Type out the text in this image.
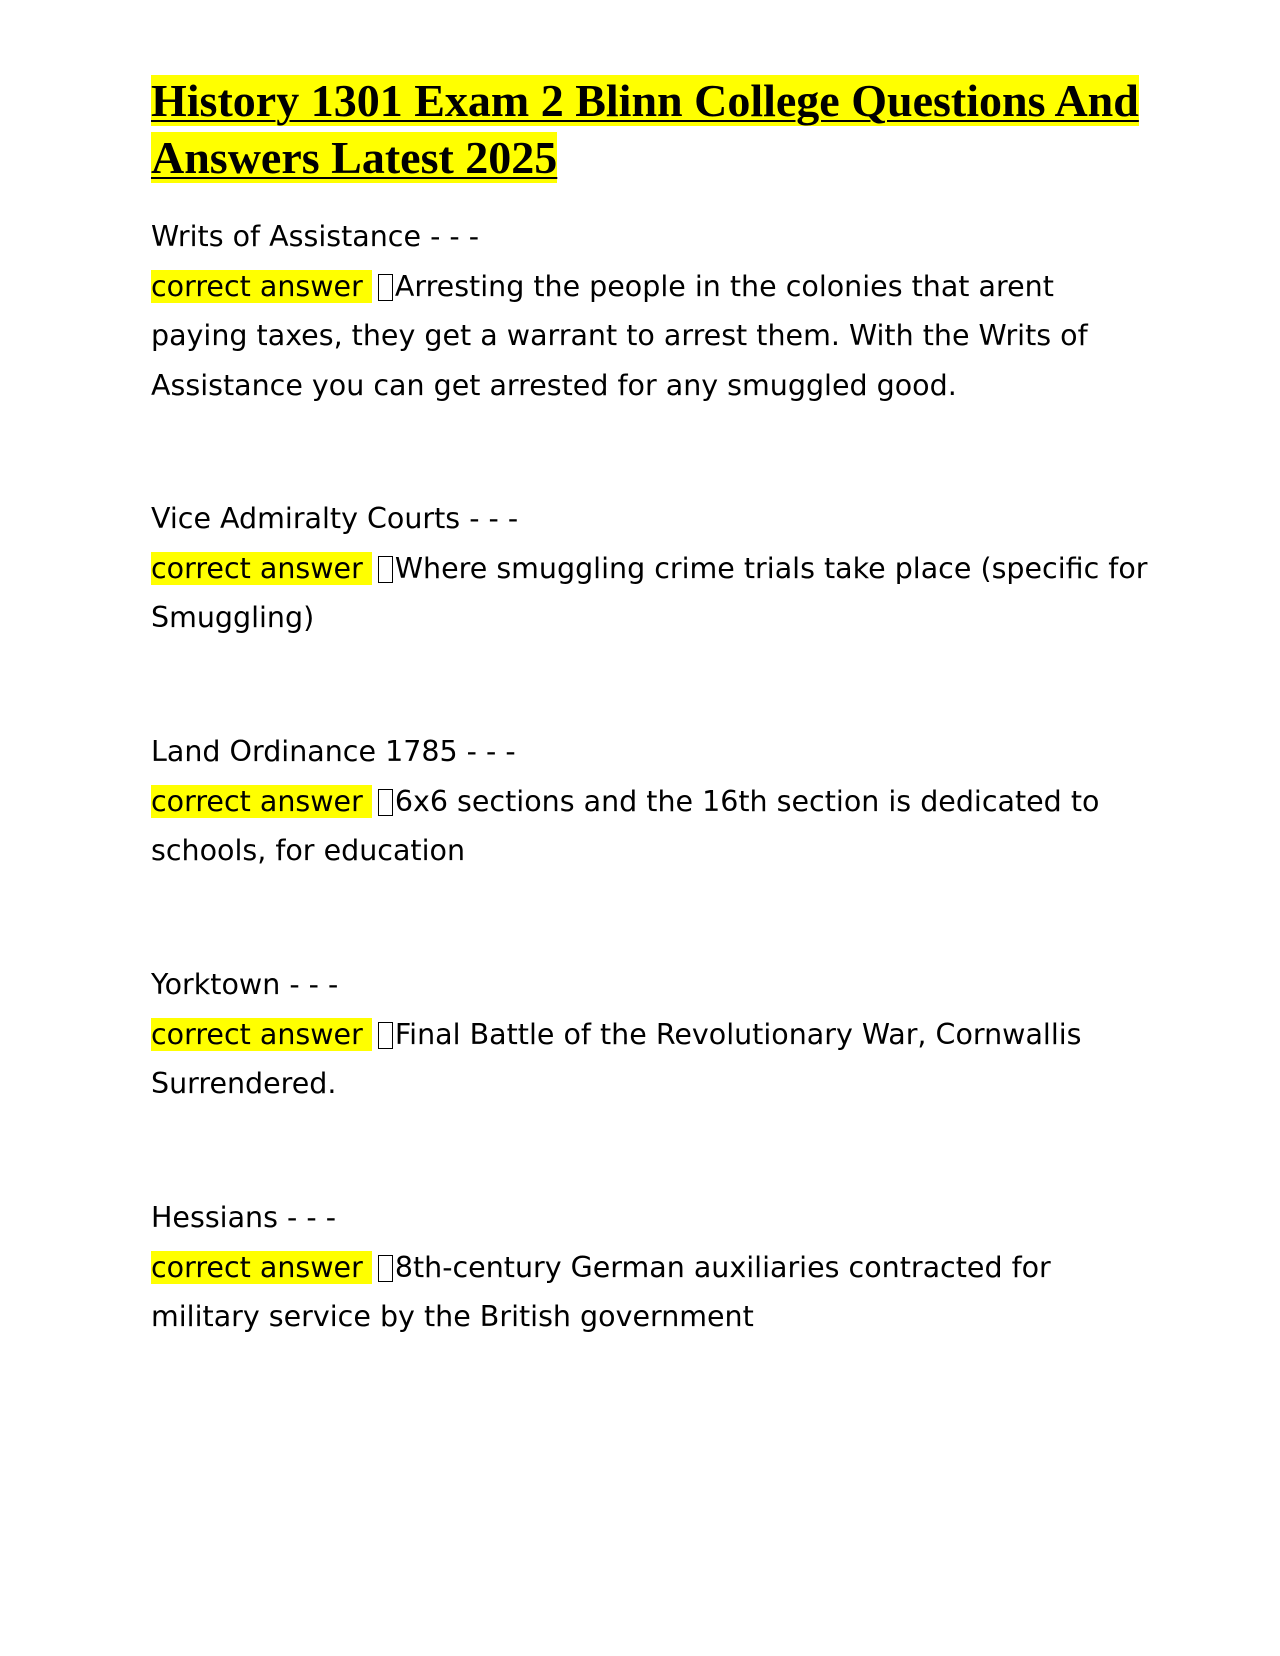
History 1301 Exam 2 Blinn College Questions And Answers Latest 2025
Writs of Assistance - - -
correct answer Arresting the people in the colonies that arent paying taxes, they get a warrant to arrest them. With the Writs of Assistance you can get arrested for any smuggled good.
Vice Admiralty Courts - - -
correct answer Where smuggling crime trials take place (specific for Smuggling)
Land Ordinance 1785 - - -
correct answer 6x6 sections and the 16th section is dedicated to schools, for education
Yorktown - - -
correct answer Final Battle of the Revolutionary War, Cornwallis Surrendered.
Hessians - - -
correct answer 8th-century German auxiliaries contracted for military service by the British government
